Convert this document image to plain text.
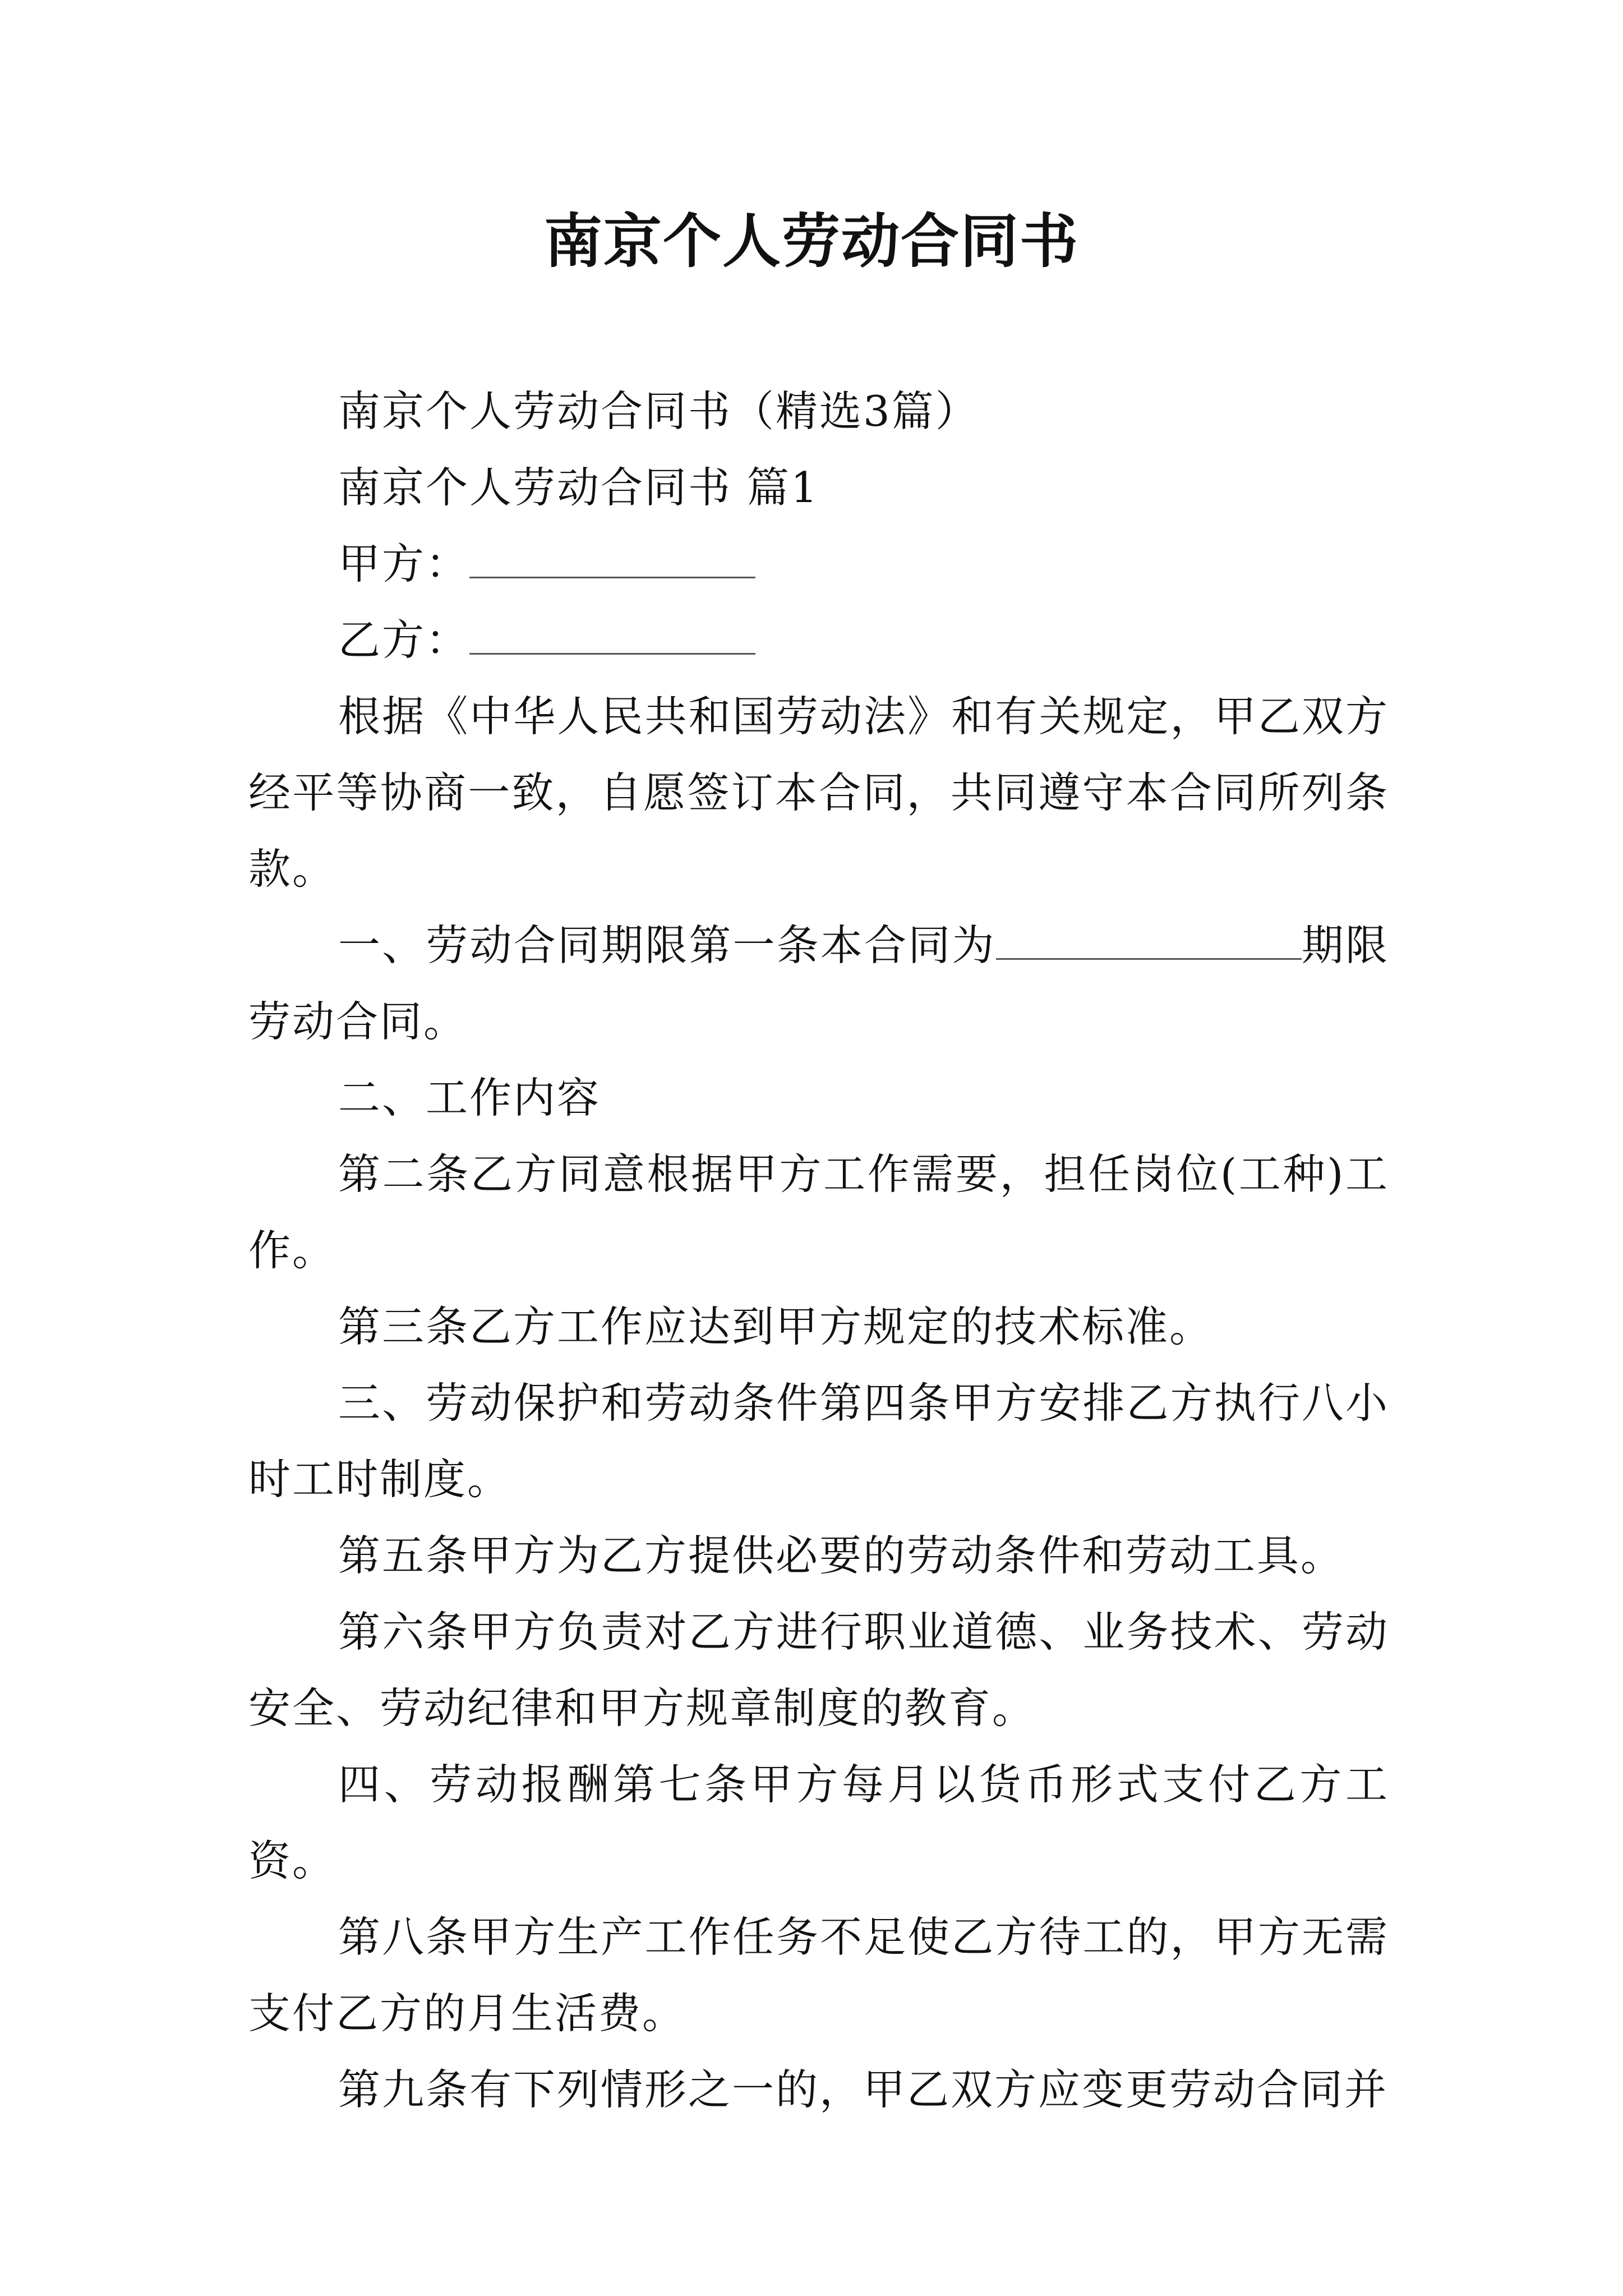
南京个人劳动合同书

南京个人劳动合同书（精选3篇）

南京个人劳动合同书 篇1

甲方：

乙方：

根据《中华人民共和国劳动法》和有关规定，甲乙双方经平等协商一致，自愿签订本合同，共同遵守本合同所列条款。

一、劳动合同期限第一条本合同为	期限劳动合同。

二、工作内容

第二条乙方同意根据甲方工作需要，担任岗位(工种)工作。

第三条乙方工作应达到甲方规定的技术标准。

三、劳动保护和劳动条件第四条甲方安排乙方执行八小时工时制度。

第五条甲方为乙方提供必要的劳动条件和劳动工具。

第六条甲方负责对乙方进行职业道德、业务技术、劳动安全、劳动纪律和甲方规章制度的教育。

四、劳动报酬第七条甲方每月以货币形式支付乙方工资。

第八条甲方生产工作任务不足使乙方待工的，甲方无需支付乙方的月生活费。

第九条有下列情形之一的，甲乙双方应变更劳动合同并
